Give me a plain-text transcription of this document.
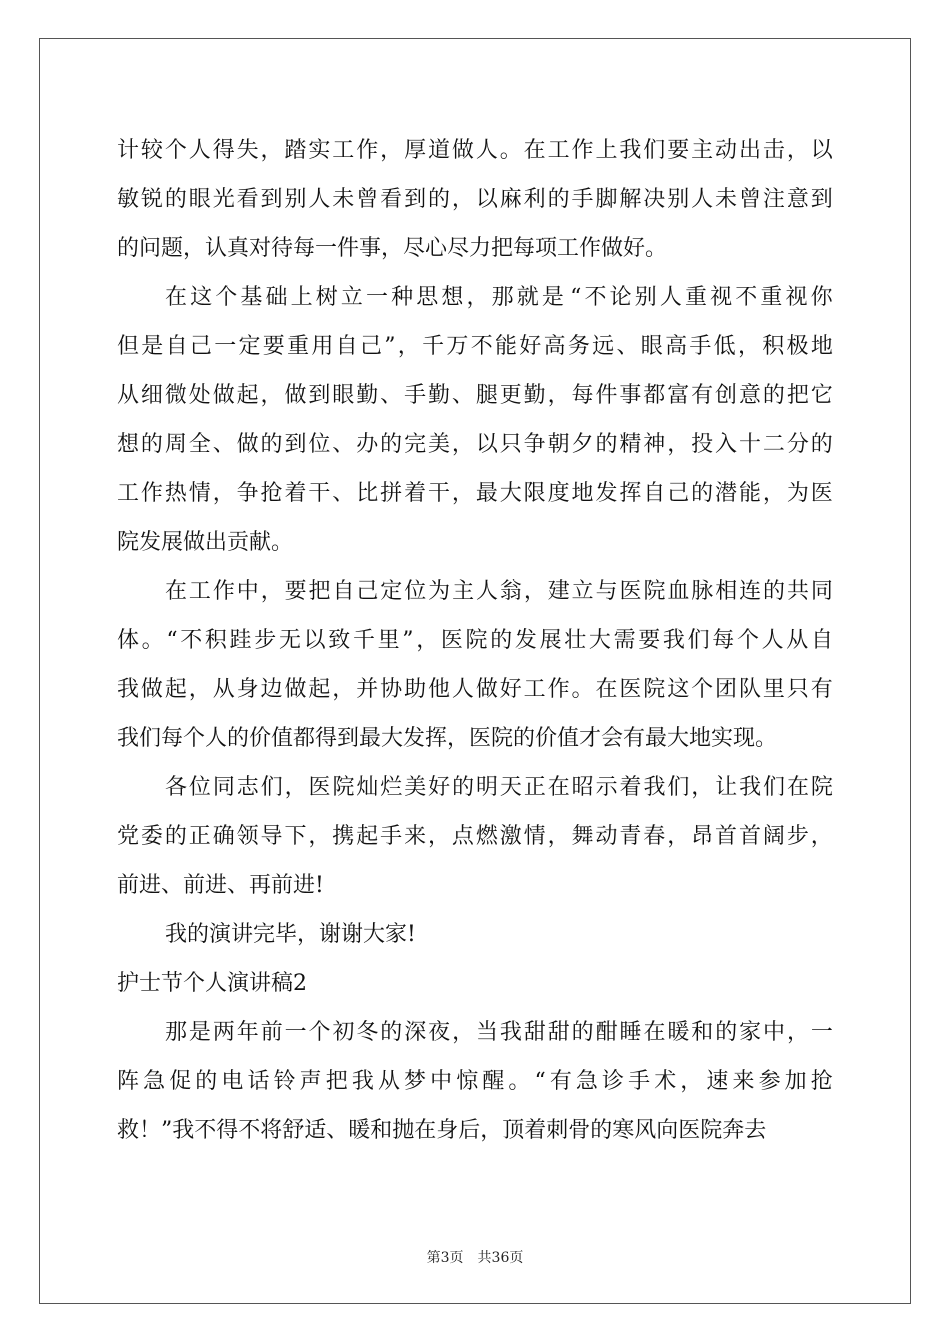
计 较 个 人 得 失 ， 踏 实 工 作 ， 厚 道 做 人 。 在 工 作 上 我 们 要 主 动 出 击 ， 以
敏 锐 的 眼 光 看 到 别 人 未 曾 看 到 的 ， 以 麻 利 的 手 脚 解 决 别 人 未 曾 注 意 到
的问题，认真对待每一件事，尽心尽力把每项工作做好。
在 这 个 基 础 上 树 立 一 种 思 想 ， 那 就 是 “ 不 论 别 人 重 视 不 重 视 你
但 是 自 己 一 定 要 重 用 自 己 ” ， 千 万 不 能 好 高 务 远 、 眼 高 手 低 ， 积 极 地
从 细 微 处 做 起 ， 做 到 眼 勤 、 手 勤 、 腿 更 勤 ， 每 件 事 都 富 有 创 意 的 把 它
想 的 周 全 、 做 的 到 位 、 办 的 完 美 ， 以 只 争 朝 夕 的 精 神 ， 投 入 十 二 分 的
工 作 热 情 ， 争 抢 着 干 、 比 拼 着 干 ， 最 大 限 度 地 发 挥 自 己 的 潜 能 ， 为 医
院发展做出贡献。
在 工 作 中 ， 要 把 自 己 定 位 为 主 人 翁 ， 建 立 与 医 院 血 脉 相 连 的 共 同
体 。 “ 不 积 跬 步 无 以 致 千 里 ” ， 医 院 的 发 展 壮 大 需 要 我 们 每 个 人 从 自
我 做 起 ， 从 身 边 做 起 ， 并 协 助 他 人 做 好 工 作 。 在 医 院 这 个 团 队 里 只 有
我们每个人的价值都得到最大发挥，医院的价值才会有最大地实现。
各 位 同 志 们 ， 医 院 灿 烂 美 好 的 明 天 正 在 昭 示 着 我 们 ， 让 我 们 在 院
党 委 的 正 确 领 导 下 ， 携 起 手 来 ， 点 燃 激 情 ， 舞 动 青 春 ， 昂 首 首 阔 步 ，
前进、前进、再前进!
我的演讲完毕，谢谢大家!
护士节个人演讲稿2
那 是 两 年 前 一 个 初 冬 的 深 夜 ， 当 我 甜 甜 的 酣 睡 在 暖 和 的 家 中 ， 一
阵 急 促 的 电 话 铃 声 把 我 从 梦 中 惊 醒 。 “ 有 急 诊 手 术 ， 速 来 参 加 抢
救！”我不得不将舒适、暖和抛在身后，顶着刺骨的寒风向医院奔去
第3页 共36页
